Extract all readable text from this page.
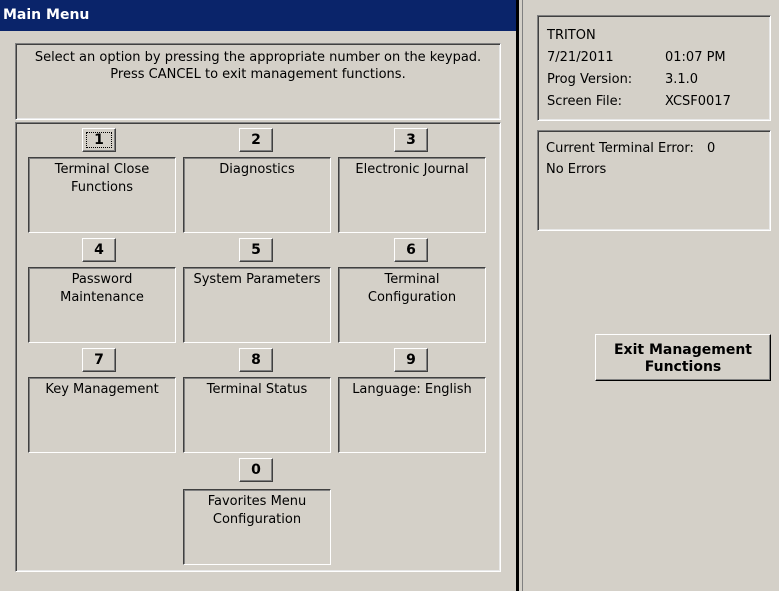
Main Menu
Select an option by pressing the appropriate number on the keypad.
Press CANCEL to exit management functions.
1
Terminal Close Functions
2
Diagnostics
3
Electronic Journal
4
Password Maintenance
5
System Parameters
6
Terminal Configuration
7
Key Management
8
Terminal Status
9
Language: English
0
Favorites Menu Configuration
TRITON
7/21/2011	01:07 PM
Prog Version:	3.1.0
Screen File:	XCSF0017
Current Terminal Error: 0
No Errors
Exit Management
Functions
